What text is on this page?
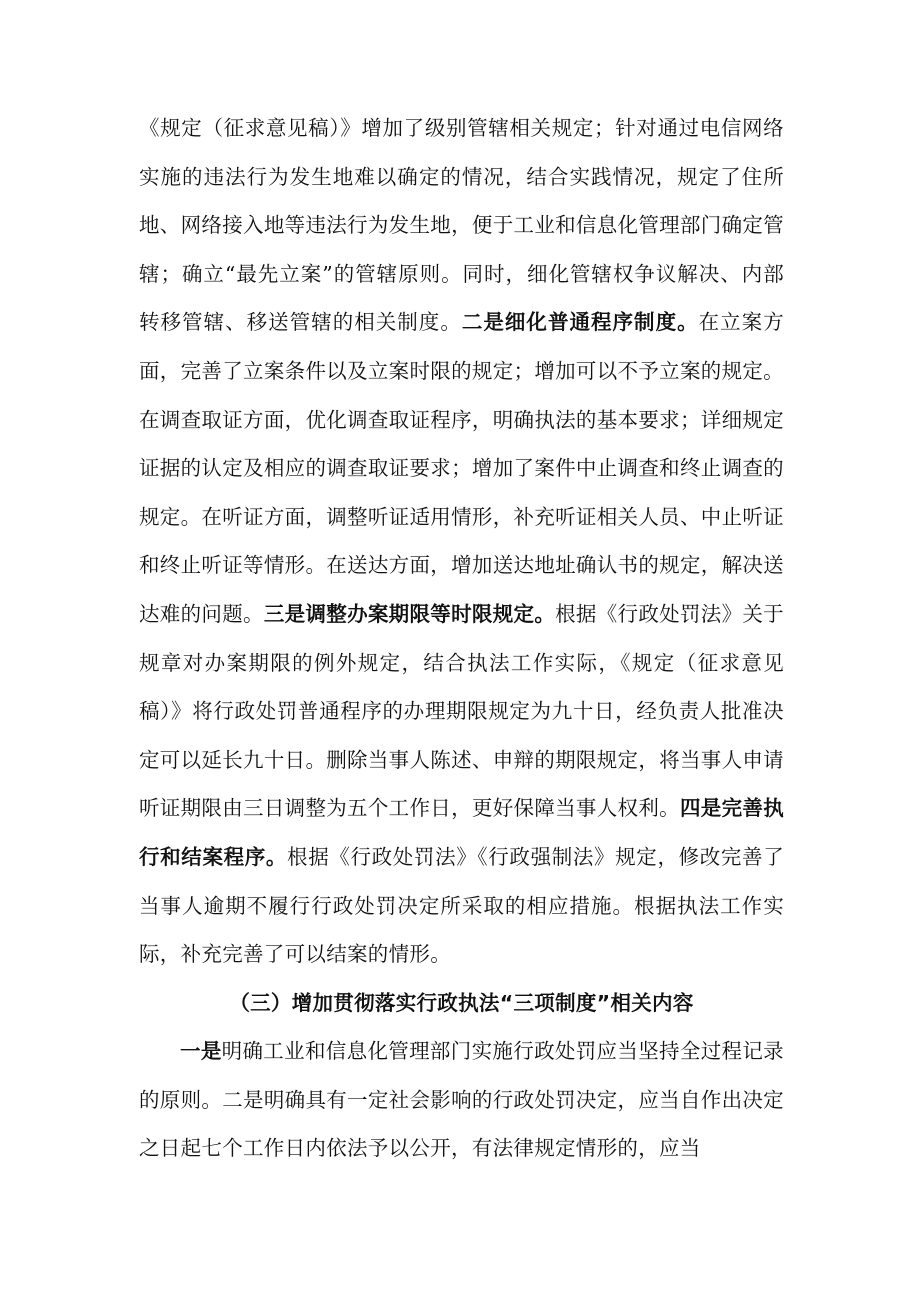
《规定（征求意见稿）》增加了级别管辖相关规定；针对通过电信网络实施的违法行为发生地难以确定的情况，结合实践情况，规定了住所地、网络接入地等违法行为发生地，便于工业和信息化管理部门确定管辖；确立“最先立案”的管辖原则。同时，细化管辖权争议解决、内部转移管辖、移送管辖的相关制度。二是细化普通程序制度。在立案方面，完善了立案条件以及立案时限的规定；增加可以不予立案的规定。在调查取证方面，优化调查取证程序，明确执法的基本要求；详细规定证据的认定及相应的调查取证要求；增加了案件中止调查和终止调查的规定。在听证方面，调整听证适用情形，补充听证相关人员、中止听证和终止听证等情形。在送达方面，增加送达地址确认书的规定，解决送达难的问题。三是调整办案期限等时限规定。根据《行政处罚法》关于规章对办案期限的例外规定，结合执法工作实际，《规定（征求意见稿）》将行政处罚普通程序的办理期限规定为九十日，经负责人批准决定可以延长九十日。删除当事人陈述、申辩的期限规定，将当事人申请听证期限由三日调整为五个工作日，更好保障当事人权利。四是完善执行和结案程序。根据《行政处罚法》《行政强制法》规定，修改完善了当事人逾期不履行行政处罚决定所采取的相应措施。根据执法工作实际，补充完善了可以结案的情形。

（三）增加贯彻落实行政执法“三项制度”相关内容

一是明确工业和信息化管理部门实施行政处罚应当坚持全过程记录的原则。二是明确具有一定社会影响的行政处罚决定，应当自作出决定之日起七个工作日内依法予以公开，有法律规定情形的，应当
